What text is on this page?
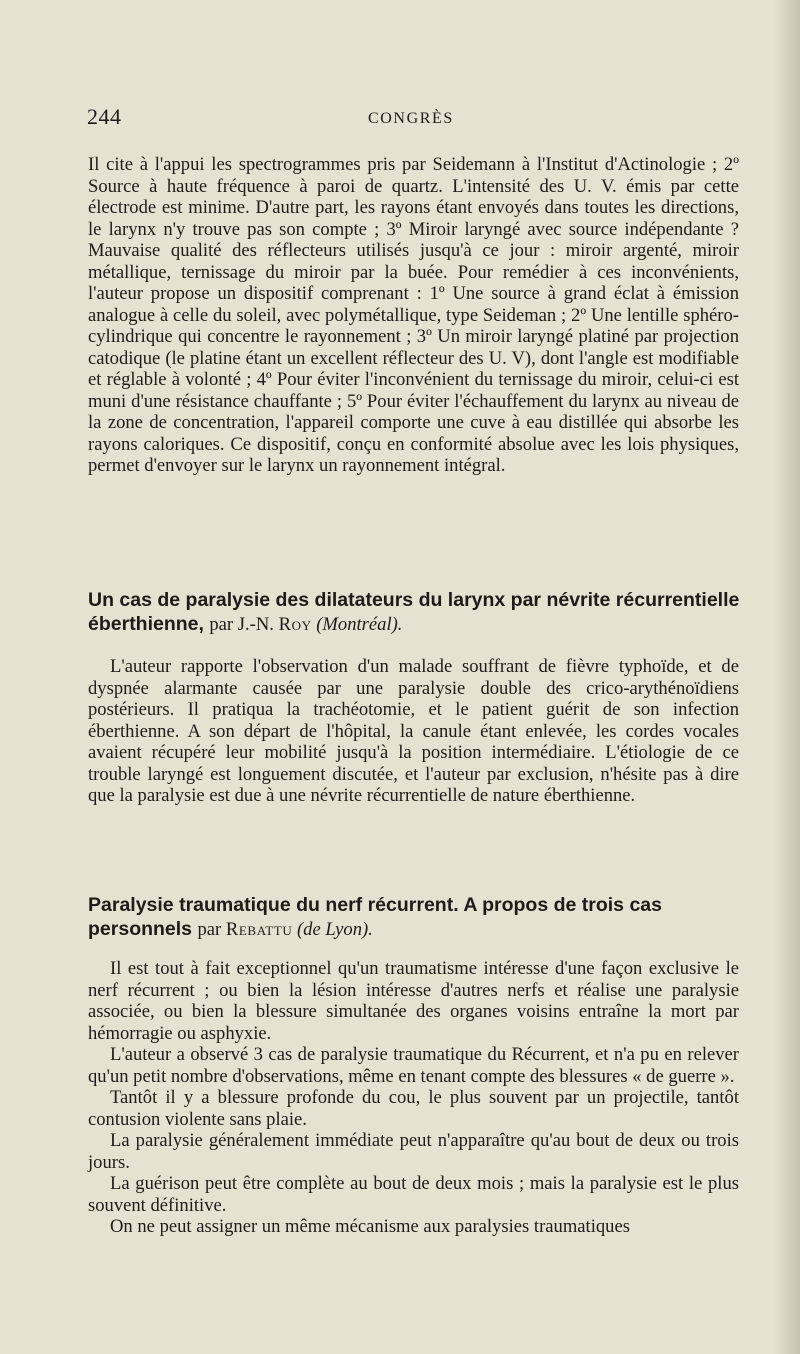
244	CONGRÈS

Il cite à l'appui les spectrogrammes pris par Seidemann à l'Institut d'Actinologie ; 2º Source à haute fréquence à paroi de quartz. L'intensité des U. V. émis par cette électrode est minime. D'autre part, les rayons étant envoyés dans toutes les directions, le larynx n'y trouve pas son compte ; 3º Miroir laryngé avec source indépendante ? Mauvaise qualité des réflecteurs utilisés jusqu'à ce jour : miroir argenté, miroir métallique, ternissage du miroir par la buée. Pour remédier à ces inconvénients, l'auteur propose un dispositif comprenant : 1º Une source à grand éclat à émission analogue à celle du soleil, avec polymétallique, type Seideman ; 2º Une lentille sphéro-cylindrique qui concentre le rayonnement ; 3º Un miroir laryngé platiné par projection catodique (le platine étant un excellent réflecteur des U. V), dont l'angle est modifiable et réglable à volonté ; 4º Pour éviter l'inconvénient du ternissage du miroir, celui-ci est muni d'une résistance chauffante ; 5º Pour éviter l'échauffement du larynx au niveau de la zone de concentration, l'appareil comporte une cuve à eau distillée qui absorbe les rayons caloriques. Ce dispositif, conçu en conformité absolue avec les lois physiques, permet d'envoyer sur le larynx un rayonnement intégral.

Un cas de paralysie des dilatateurs du larynx par névrite récurrentielle éberthienne, par J.-N. Roy (Montréal).

L'auteur rapporte l'observation d'un malade souffrant de fièvre typhoïde, et de dyspnée alarmante causée par une paralysie double des crico-arythénoïdiens postérieurs. Il pratiqua la trachéotomie, et le patient guérit de son infection éberthienne. A son départ de l'hôpital, la canule étant enlevée, les cordes vocales avaient récupéré leur mobilité jusqu'à la position intermédiaire. L'étiologie de ce trouble laryngé est longuement discutée, et l'auteur par exclusion, n'hésite pas à dire que la paralysie est due à une névrite récurrentielle de nature éberthienne.

Paralysie traumatique du nerf récurrent. A propos de trois cas personnels par Rebattu (de Lyon).

Il est tout à fait exceptionnel qu'un traumatisme intéresse d'une façon exclusive le nerf récurrent ; ou bien la lésion intéresse d'autres nerfs et réalise une paralysie associée, ou bien la blessure simultanée des organes voisins entraîne la mort par hémorragie ou asphyxie.

L'auteur a observé 3 cas de paralysie traumatique du Récurrent, et n'a pu en relever qu'un petit nombre d'observations, même en tenant compte des blessures « de guerre ».

Tantôt il y a blessure profonde du cou, le plus souvent par un projectile, tantôt contusion violente sans plaie.

La paralysie généralement immédiate peut n'apparaître qu'au bout de deux ou trois jours.

La guérison peut être complète au bout de deux mois ; mais la paralysie est le plus souvent définitive.

On ne peut assigner un même mécanisme aux paralysies traumatiques
